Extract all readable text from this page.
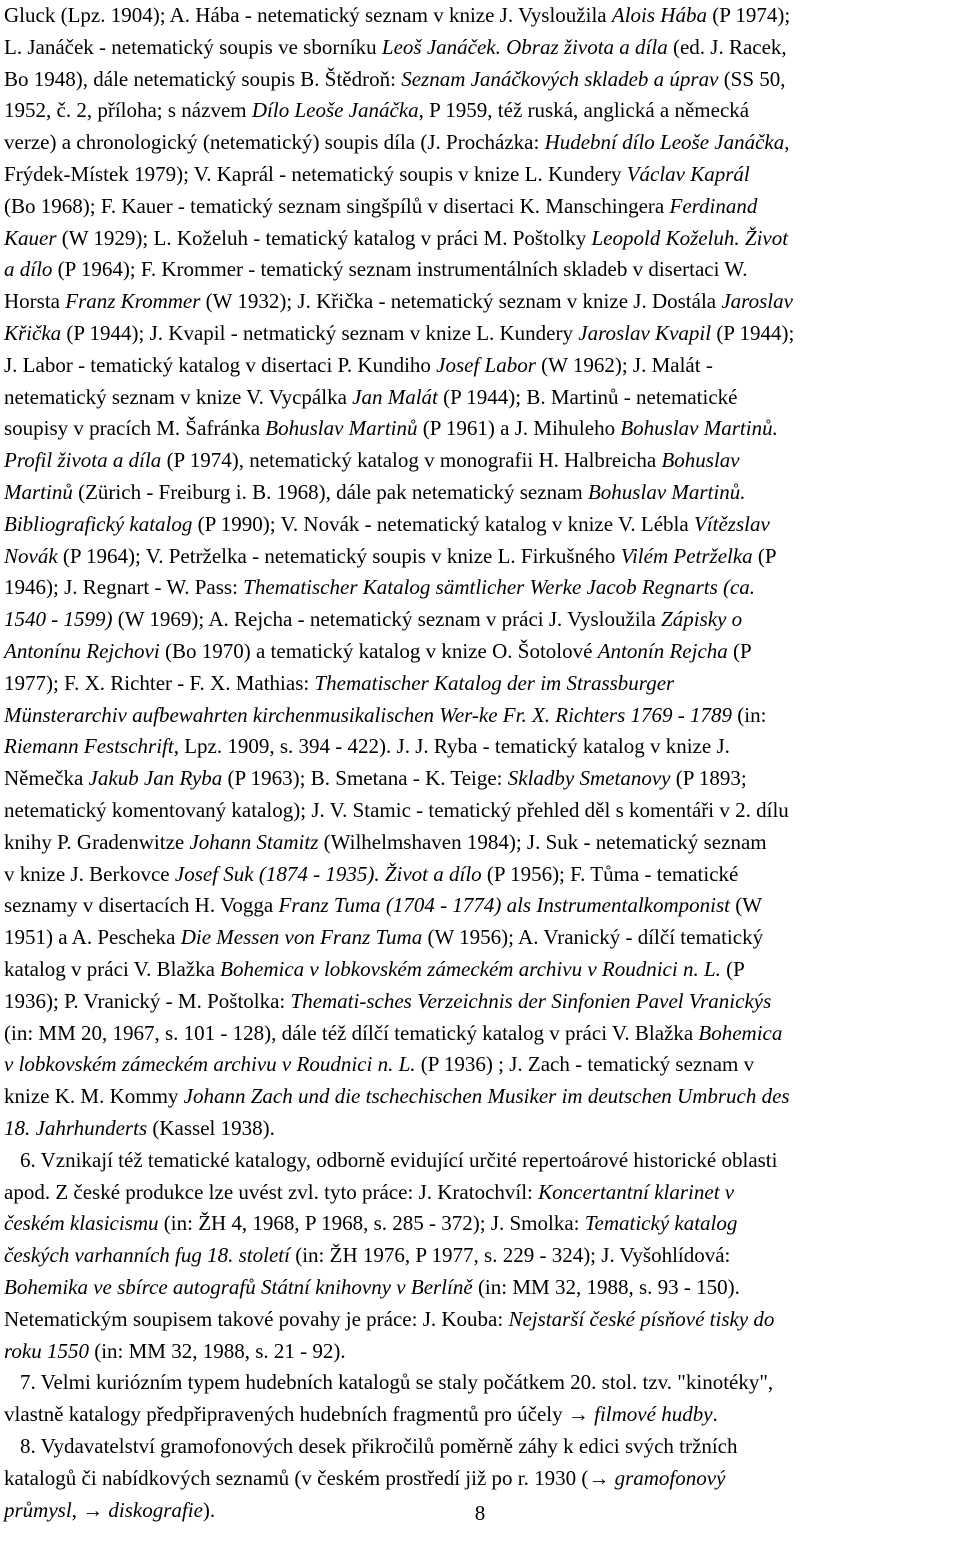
Gluck (Lpz. 1904); A. Hába - netematický seznam v knize J. Vysloužila Alois Hába (P 1974);
L. Janáček - netematický soupis ve sborníku Leoš Janáček. Obraz života a díla (ed. J. Racek,
Bo 1948), dále netematický soupis B. Štědroň: Seznam Janáčkových skladeb a úprav (SS 50,
1952, č. 2, příloha; s názvem Dílo Leoše Janáčka, P 1959, též ruská, anglická a německá
verze) a chronologický (netematický) soupis díla (J. Procházka: Hudební dílo Leoše Janáčka,
Frýdek-Místek 1979); V. Kaprál - netematický soupis v knize L. Kundery Václav Kaprál
(Bo 1968); F. Kauer - tematický seznam singšpílů v disertaci K. Manschingera Ferdinand
Kauer (W 1929); L. Koželuh - tematický katalog v práci M. Poštolky Leopold Koželuh. Život
a dílo (P 1964); F. Krommer - tematický seznam instrumentálních skladeb v disertaci W.
Horsta Franz Krommer (W 1932); J. Křička - netematický seznam v knize J. Dostála Jaroslav
Křička (P 1944); J. Kvapil - netmatický seznam v knize L. Kundery Jaroslav Kvapil (P 1944);
J. Labor - tematický katalog v disertaci P. Kundiho Josef Labor (W 1962); J. Malát -
netematický seznam v knize V. Vycpálka Jan Malát (P 1944); B. Martinů - netematické
soupisy v pracích M. Šafránka Bohuslav Martinů (P 1961) a J. Mihuleho Bohuslav Martinů.
Profil života a díla (P 1974), netematický katalog v monografii H. Halbreicha Bohuslav
Martinů (Zürich - Freiburg i. B. 1968), dále pak netematický seznam Bohuslav Martinů.
Bibliografický katalog (P 1990); V. Novák - netematický katalog v knize V. Lébla Vítězslav
Novák (P 1964); V. Petrželka - netematický soupis v knize L. Firkušného Vilém Petrželka (P
1946); J. Regnart - W. Pass: Thematischer Katalog sämtlicher Werke Jacob Regnarts (ca.
1540 - 1599) (W 1969); A. Rejcha - netematický seznam v práci J. Vysloužila Zápisky o
Antonínu Rejchovi (Bo 1970) a tematický katalog v knize O. Šotolové Antonín Rejcha (P
1977); F. X. Richter - F. X. Mathias: Thematischer Katalog der im Strassburger
Münsterarchiv aufbewahrten kirchenmusikalischen Wer-ke Fr. X. Richters 1769 - 1789 (in:
Riemann Festschrift, Lpz. 1909, s. 394 - 422). J. J. Ryba - tematický katalog v knize J.
Němečka Jakub Jan Ryba (P 1963); B. Smetana - K. Teige: Skladby Smetanovy (P 1893;
netematický komentovaný katalog); J. V. Stamic - tematický přehled děl s komentáři v 2. dílu
knihy P. Gradenwitze Johann Stamitz (Wilhelmshaven 1984); J. Suk - netematický seznam
v knize J. Berkovce Josef Suk (1874 - 1935). Život a dílo (P 1956); F. Tůma - tematické
seznamy v disertacích H. Vogga Franz Tuma (1704 - 1774) als Instrumentalkomponist (W
1951) a A. Pescheka Die Messen von Franz Tuma (W 1956); A. Vranický - dílčí tematický
katalog v práci V. Blažka Bohemica v lobkovském zámeckém archivu v Roudnici n. L. (P
1936); P. Vranický - M. Poštolka: Themati-sches Verzeichnis der Sinfonien Pavel Vranickýs
(in: MM 20, 1967, s. 101 - 128), dále též dílčí tematický katalog v práci V. Blažka Bohemica
v lobkovském zámeckém archivu v Roudnici n. L. (P 1936) ; J. Zach - tematický seznam v
knize K. M. Kommy Johann Zach und die tschechischen Musiker im deutschen Umbruch des
18. Jahrhunderts (Kassel 1938).
6. Vznikají též tematické katalogy, odborně evidující určité repertoárové historické oblasti
apod. Z české produkce lze uvést zvl. tyto práce: J. Kratochvíl: Koncertantní klarinet v
českém klasicismu (in: ŽH 4, 1968, P 1968, s. 285 - 372); J. Smolka: Tematický katalog
českých varhanních fug 18. století (in: ŽH 1976, P 1977, s. 229 - 324); J. Vyšohlídová:
Bohemika ve sbírce autografů Státní knihovny v Berlíně (in: MM 32, 1988, s. 93 - 150).
Netematickým soupisem takové povahy je práce: J. Kouba: Nejstarší české písňové tisky do
roku 1550 (in: MM 32, 1988, s. 21 - 92).
7. Velmi kuriózním typem hudebních katalogů se staly počátkem 20. stol. tzv. "kinotéky",
vlastně katalogy předpřipravených hudebních fragmentů pro účely → filmové hudby.
8. Vydavatelství gramofonových desek přikročilů poměrně záhy k edici svých tržních
katalogů či nabídkových seznamů (v českém prostředí již po r. 1930 (→ gramofonový
průmysl, → diskografie).	8
